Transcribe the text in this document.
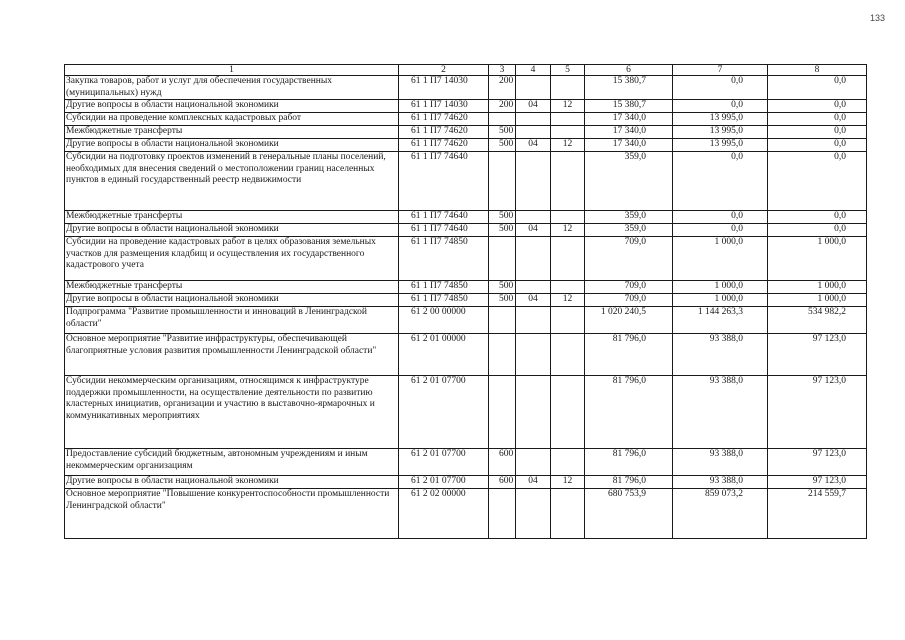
133
1	2	3	4	5	6	7	8
Закупка товаров, работ и услуг для обеспечения государственных (муниципальных) нужд	61 1 П7 14030	200			15 380,7	0,0	0,0
Другие вопросы в области национальной экономики	61 1 П7 14030	200	04	12	15 380,7	0,0	0,0
Субсидии на проведение комплексных кадастровых работ	61 1 П7 74620				17 340,0	13 995,0	0,0
Межбюджетные трансферты	61 1 П7 74620	500			17 340,0	13 995,0	0,0
Другие вопросы в области национальной экономики	61 1 П7 74620	500	04	12	17 340,0	13 995,0	0,0
Субсидии на подготовку проектов изменений в генеральные планы поселений, необходимых для внесения сведений о местоположении границ населенных пунктов в единый государственный реестр недвижимости	61 1 П7 74640				359,0	0,0	0,0
Межбюджетные трансферты	61 1 П7 74640	500			359,0	0,0	0,0
Другие вопросы в области национальной экономики	61 1 П7 74640	500	04	12	359,0	0,0	0,0
Субсидии на проведение кадастровых работ в целях образования земельных участков для размещения кладбищ и осуществления их государственного кадастрового учета	61 1 П7 74850				709,0	1 000,0	1 000,0
Межбюджетные трансферты	61 1 П7 74850	500			709,0	1 000,0	1 000,0
Другие вопросы в области национальной экономики	61 1 П7 74850	500	04	12	709,0	1 000,0	1 000,0
Подпрограмма "Развитие промышленности и инноваций в Ленинградской области"	61 2 00 00000				1 020 240,5	1 144 263,3	534 982,2
Основное мероприятие "Развитие инфраструктуры, обеспечивающей благоприятные условия развития промышленности Ленинградской области"	61 2 01 00000				81 796,0	93 388,0	97 123,0
Субсидии некоммерческим организациям, относящимся к инфраструктуре поддержки промышленности, на осуществление деятельности по развитию кластерных инициатив, организации и участию в выставочно-ярмарочных и коммуникативных мероприятиях	61 2 01 07700				81 796,0	93 388,0	97 123,0
Предоставление субсидий бюджетным, автономным учреждениям и иным некоммерческим организациям	61 2 01 07700	600			81 796,0	93 388,0	97 123,0
Другие вопросы в области национальной экономики	61 2 01 07700	600	04	12	81 796,0	93 388,0	97 123,0
Основное мероприятие "Повышение конкурентоспособности промышленности Ленинградской области"	61 2 02 00000				680 753,9	859 073,2	214 559,7
